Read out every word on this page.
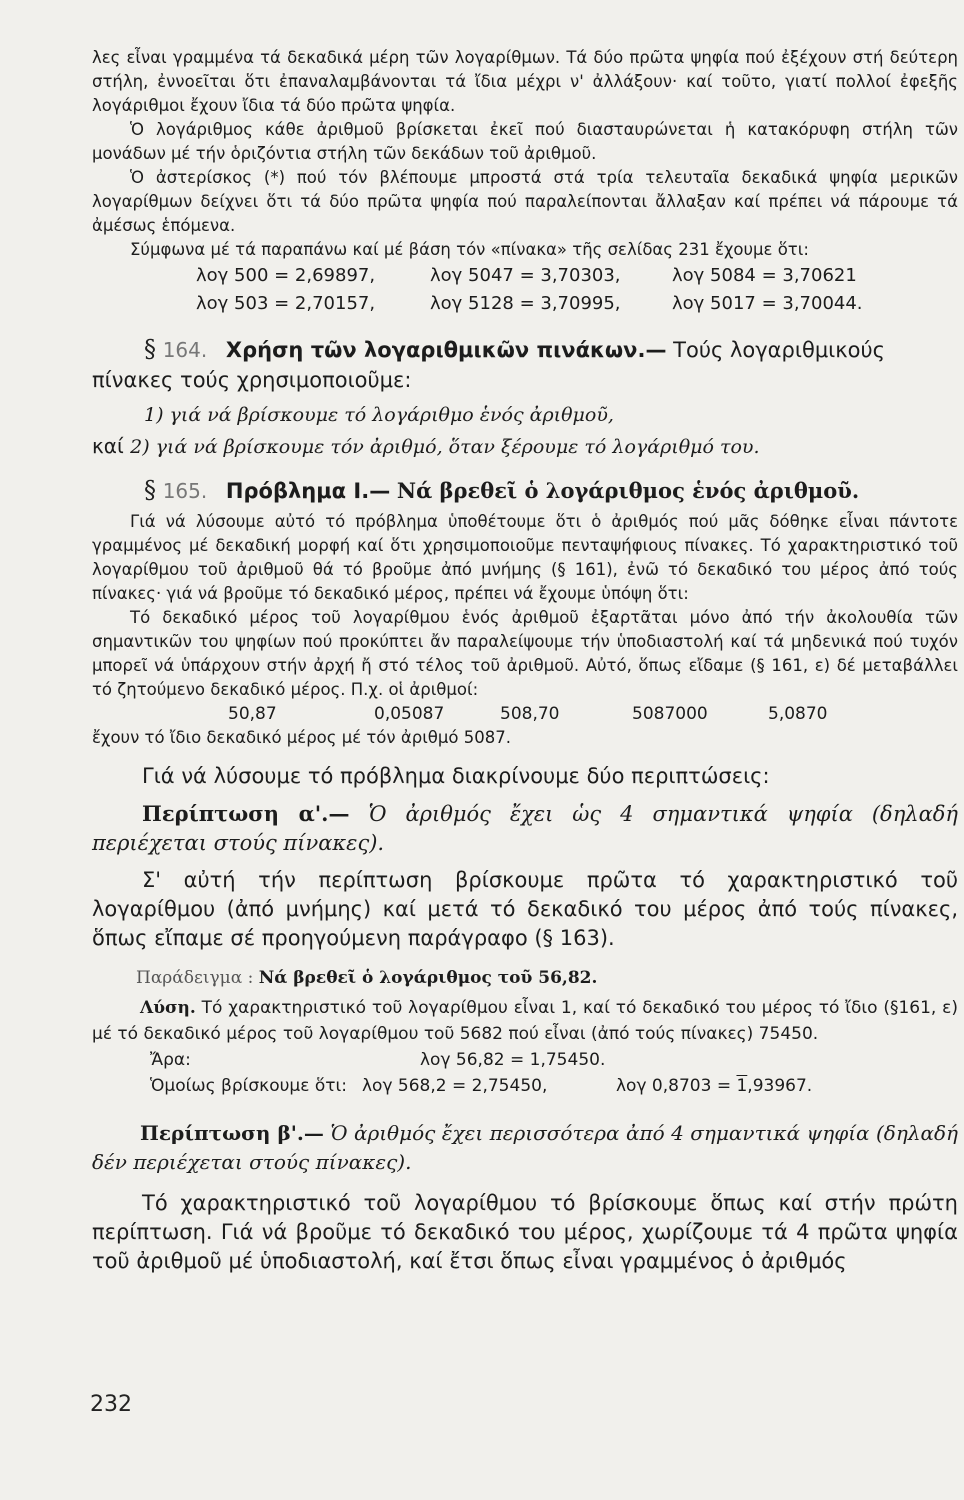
λες εἶναι γραμμένα τά δεκαδικά μέρη τῶν λογαρίθμων. Τά δύο πρῶτα ψηφία πού ἐξέχουν στή δεύτερη στήλη, ἐννοεῖται ὅτι ἐπαναλαμβάνονται τά ἴδια μέχρι ν' ἀλλάξουν· καί τοῦτο, γιατί πολλοί ἐφεξῆς λογάριθμοι ἔχουν ἴδια τά δύο πρῶτα ψηφία.

Ὁ λογάριθμος κάθε ἀριθμοῦ βρίσκεται ἐκεῖ πού διασταυρώνεται ἡ κατακόρυφη στήλη τῶν μονάδων μέ τήν ὁριζόντια στήλη τῶν δεκάδων τοῦ ἀριθμοῦ.

Ὁ ἀστερίσκος (*) πού τόν βλέπουμε μπροστά στά τρία τελευταῖα δεκαδικά ψηφία μερικῶν λογαρίθμων δείχνει ὅτι τά δύο πρῶτα ψηφία πού παραλείπονται ἄλλαξαν καί πρέπει νά πάρουμε τά ἀμέσως ἑπόμενα.

Σύμφωνα μέ τά παραπάνω καί μέ βάση τόν «πίνακα» τῆς σελίδας 231 ἔχουμε ὅτι:

λογ 500 = 2,69897,	λογ 5047 = 3,70303,	λογ 5084 = 3,70621
λογ 503 = 2,70157,	λογ 5128 = 3,70995,	λογ 5017 = 3,70044.

§ 164. Χρήση τῶν λογαριθμικῶν πινάκων.— Τούς λογαριθμικούς πίνακες τούς χρησιμοποιοῦμε:

1) γιά νά βρίσκουμε τό λογάριθμο ἑνός ἀριθμοῦ,

καί 2) γιά νά βρίσκουμε τόν ἀριθμό, ὅταν ξέρουμε τό λογάριθμό του.

§ 165. Πρόβλημα Ι.— Νά βρεθεῖ ὁ λογάριθμος ἑνός ἀριθμοῦ.

Γιά νά λύσουμε αὐτό τό πρόβλημα ὑποθέτουμε ὅτι ὁ ἀριθμός πού μᾶς δόθηκε εἶναι πάντοτε γραμμένος μέ δεκαδική μορφή καί ὅτι χρησιμοποιοῦμε πενταψήφιους πίνακες. Τό χαρακτηριστικό τοῦ λογαρίθμου τοῦ ἀριθμοῦ θά τό βροῦμε ἀπό μνήμης (§ 161), ἐνῶ τό δεκαδικό του μέρος ἀπό τούς πίνακες· γιά νά βροῦμε τό δεκαδικό μέρος, πρέπει νά ἔχουμε ὑπόψη ὅτι:

Τό δεκαδικό μέρος τοῦ λογαρίθμου ἑνός ἀριθμοῦ ἐξαρτᾶται μόνο ἀπό τήν ἀκολουθία τῶν σημαντικῶν του ψηφίων πού προκύπτει ἄν παραλείψουμε τήν ὑποδιαστολή καί τά μηδενικά πού τυχόν μπορεῖ νά ὑπάρχουν στήν ἀρχή ἤ στό τέλος τοῦ ἀριθμοῦ. Αὐτό, ὅπως εἴδαμε (§ 161, ε) δέ μεταβάλλει τό ζητούμενο δεκαδικό μέρος. Π.χ. οἱ ἀριθμοί:

50,87	0,05087	508,70	5087000	5,0870

ἔχουν τό ἴδιο δεκαδικό μέρος μέ τόν ἀριθμό 5087.

Γιά νά λύσουμε τό πρόβλημα διακρίνουμε δύο περιπτώσεις:

Περίπτωση α'.— Ὁ ἀριθμός ἔχει ὡς 4 σημαντικά ψηφία (δηλαδή περιέχεται στούς πίνακες).

Σ' αὐτή τήν περίπτωση βρίσκουμε πρῶτα τό χαρακτηριστικό τοῦ λογαρίθμου (ἀπό μνήμης) καί μετά τό δεκαδικό του μέρος ἀπό τούς πίνακες, ὅπως εἴπαμε σέ προηγούμενη παράγραφο (§ 163).

Παράδειγμα : Νά βρεθεῖ ὁ λογάριθμος τοῦ 56,82.

Λύση. Τό χαρακτηριστικό τοῦ λογαρίθμου εἶναι 1, καί τό δεκαδικό του μέρος τό ἴδιο (§161, ε) μέ τό δεκαδικό μέρος τοῦ λογαρίθμου τοῦ 5682 πού εἶναι (ἀπό τούς πίνακες) 75450.

Ἄρα:	λογ 56,82 = 1,75450.
Ὁμοίως βρίσκουμε ὅτι: λογ 568,2 = 2,75450,	λογ 0,8703 = 1,93967.

Περίπτωση β'.— Ὁ ἀριθμός ἔχει περισσότερα ἀπό 4 σημαντικά ψηφία (δηλαδή δέν περιέχεται στούς πίνακες).

Τό χαρακτηριστικό τοῦ λογαρίθμου τό βρίσκουμε ὅπως καί στήν πρώτη περίπτωση. Γιά νά βροῦμε τό δεκαδικό του μέρος, χωρίζουμε τά 4 πρῶτα ψηφία τοῦ ἀριθμοῦ μέ ὑποδιαστολή, καί ἔτσι ὅπως εἶναι γραμμένος ὁ ἀριθμός

232
